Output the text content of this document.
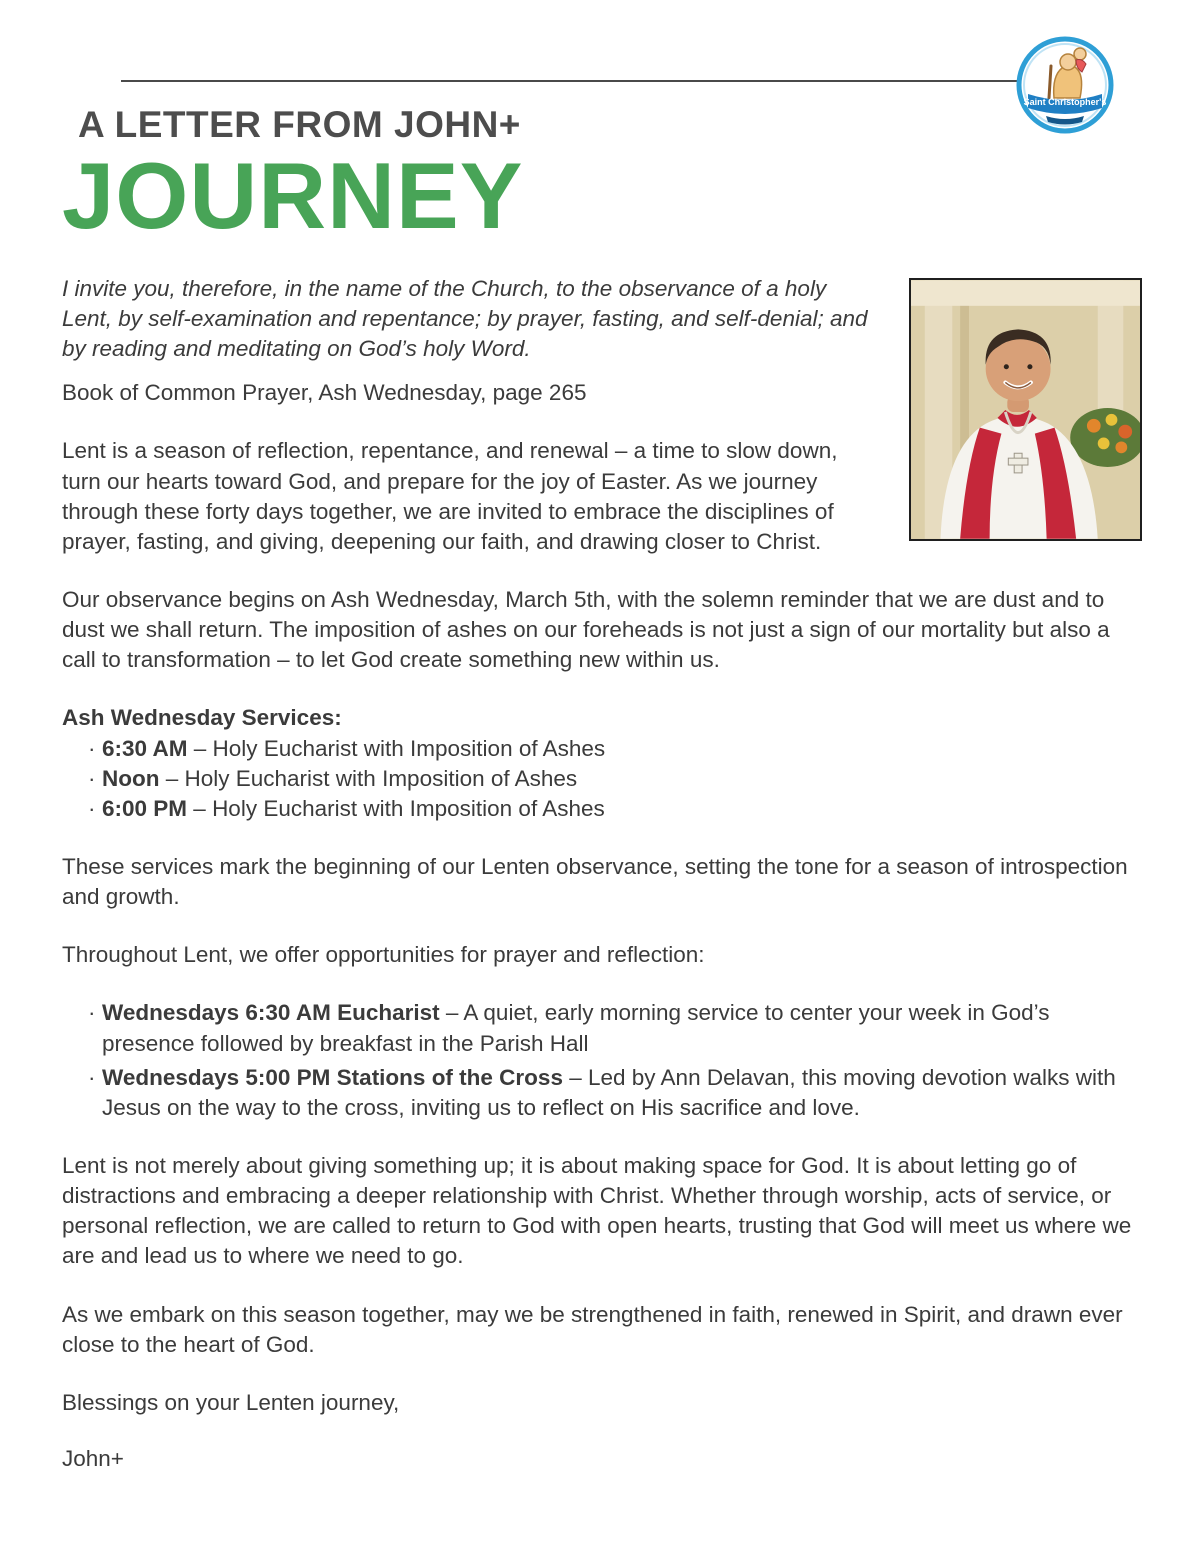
Saint Christopher's
A LETTER FROM JOHN+
JOURNEY

I invite you, therefore, in the name of the Church, to the observance of a holy Lent, by self-examination and repentance; by prayer, fasting, and self-denial; and by reading and meditating on God’s holy Word.

Book of Common Prayer, Ash Wednesday, page 265

Lent is a season of reflection, repentance, and renewal – a time to slow down, turn our hearts toward God, and prepare for the joy of Easter. As we journey through these forty days together, we are invited to embrace the disciplines of prayer, fasting, and giving, deepening our faith, and drawing closer to Christ.

Our observance begins on Ash Wednesday, March 5th, with the solemn reminder that we are dust and to dust we shall return. The imposition of ashes on our foreheads is not just a sign of our mortality but also a call to transformation – to let God create something new within us.

Ash Wednesday Services:
· 6:30 AM – Holy Eucharist with Imposition of Ashes
· Noon – Holy Eucharist with Imposition of Ashes
· 6:00 PM – Holy Eucharist with Imposition of Ashes

These services mark the beginning of our Lenten observance, setting the tone for a season of introspection and growth.

Throughout Lent, we offer opportunities for prayer and reflection:

· Wednesdays 6:30 AM Eucharist – A quiet, early morning service to center your week in God’s presence followed by breakfast in the Parish Hall
· Wednesdays 5:00 PM Stations of the Cross – Led by Ann Delavan, this moving devotion walks with Jesus on the way to the cross, inviting us to reflect on His sacrifice and love.

Lent is not merely about giving something up; it is about making space for God. It is about letting go of distractions and embracing a deeper relationship with Christ. Whether through worship, acts of service, or personal reflection, we are called to return to God with open hearts, trusting that God will meet us where we are and lead us to where we need to go.

As we embark on this season together, may we be strengthened in faith, renewed in Spirit, and drawn ever close to the heart of God.

Blessings on your Lenten journey,

John+
